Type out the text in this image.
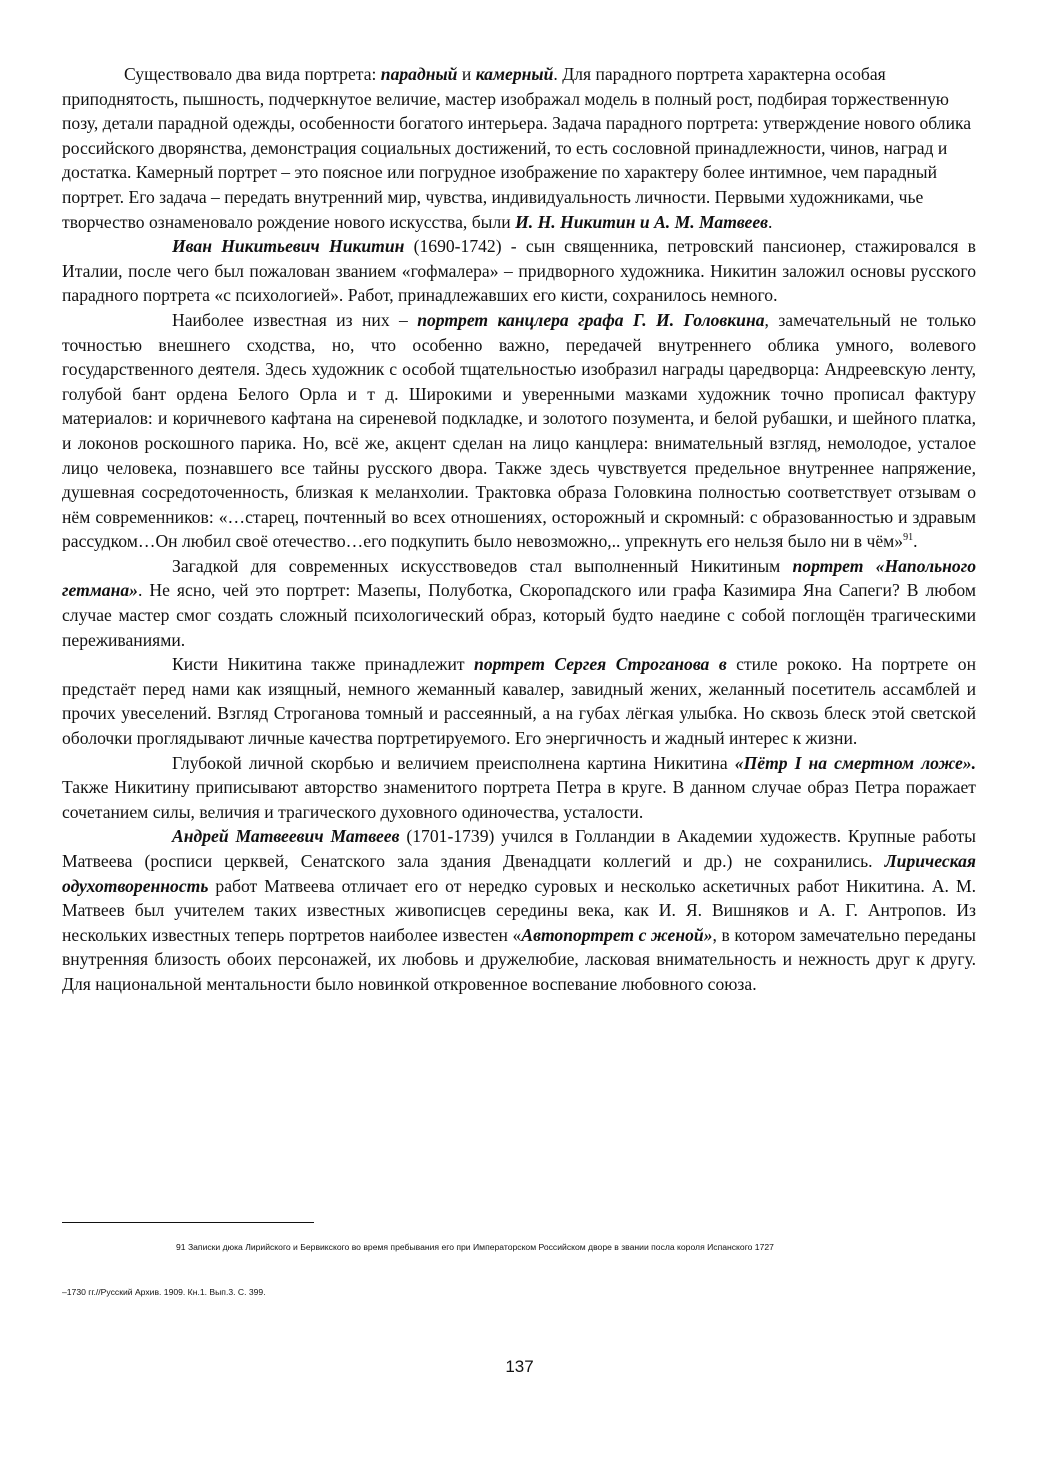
Существовало два вида портрета: парадный и камерный. Для парадного портрета характерна особая приподнятость, пышность, подчеркнутое величие, мастер изображал модель в полный рост, подбирая торжественную позу, детали парадной одежды, особенности богатого интерьера. Задача парадного портрета: утверждение нового облика российского дворянства, демонстрация социальных достижений, то есть сословной принадлежности, чинов, наград и достатка. Камерный портрет – это поясное или погрудное изображение по характеру более интимное, чем парадный портрет. Его задача – передать внутренний мир, чувства, индивидуальность личности. Первыми художниками, чье творчество ознаменовало рождение нового искусства, были И. Н. Никитин и А. М. Матвеев.

Иван Никитьевич Никитин (1690-1742) - сын священника, петровский пансионер, стажировался в Италии, после чего был пожалован званием «гофмалера» – придворного художника. Никитин заложил основы русского парадного портрета «с психологией». Работ, принадлежавших его кисти, сохранилось немного.

Наиболее известная из них – портрет канцлера графа Г. И. Головкина, замечательный не только точностью внешнего сходства, но, что особенно важно, передачей внутреннего облика умного, волевого государственного деятеля. Здесь художник с особой тщательностью изобразил награды царедворца: Андреевскую ленту, голубой бант ордена Белого Орла и т д. Широкими и уверенными мазками художник точно прописал фактуру материалов: и коричневого кафтана на сиреневой подкладке, и золотого позумента, и белой рубашки, и шейного платка, и локонов роскошного парика. Но, всё же, акцент сделан на лицо канцлера: внимательный взгляд, немолодое, усталое лицо человека, познавшего все тайны русского двора. Также здесь чувствуется предельное внутреннее напряжение, душевная сосредоточенность, близкая к меланхолии. Трактовка образа Головкина полностью соответствует отзывам о нём современников: «…старец, почтенный во всех отношениях, осторожный и скромный: с образованностью и здравым рассудком…Он любил своё отечество…его подкупить было невозможно,.. упрекнуть его нельзя было ни в чём»$^{91}$.

Загадкой для современных искусствоведов стал выполненный Никитиным портрет «Напольного гетмана». Не ясно, чей это портрет: Мазепы, Полуботка, Скоропадского или графа Казимира Яна Сапеги? В любом случае мастер смог создать сложный психологический образ, который будто наедине с собой поглощён трагическими переживаниями.

Кисти Никитина также принадлежит портрет Сергея Строганова в стиле рококо. На портрете он предстаёт перед нами как изящный, немного жеманный кавалер, завидный жених, желанный посетитель ассамблей и прочих увеселений. Взгляд Строганова томный и рассеянный, а на губах лёгкая улыбка. Но сквозь блеск этой светской оболочки проглядывают личные качества портретируемого. Его энергичность и жадный интерес к жизни.

Глубокой личной скорбью и величием преисполнена картина Никитина «Пётр I на смертном ложе». Также Никитину приписывают авторство знаменитого портрета Петра в круге. В данном случае образ Петра поражает сочетанием силы, величия и трагического духовного одиночества, усталости.

Андрей Матвеевич Матвеев (1701-1739) учился в Голландии в Академии художеств. Крупные работы Матвеева (росписи церквей, Сенатского зала здания Двенадцати коллегий и др.) не сохранились. Лирическая одухотворенность работ Матвеева отличает его от нередко суровых и несколько аскетичных работ Никитина. А. М. Матвеев был учителем таких известных живописцев середины века, как И. Я. Вишняков и А. Г. Антропов. Из нескольких известных теперь портретов наиболее известен «Автопортрет с женой», в котором замечательно переданы внутренняя близость обоих персонажей, их любовь и дружелюбие, ласковая внимательность и нежность друг к другу. Для национальной ментальности было новинкой откровенное воспевание любовного союза.

91 Записки дюка Лирийского и Бервикского во время пребывания его при Императорском Российском дворе в звании посла короля Испанского 1727
–1730 гг.//Русский Архив. 1909. Кн.1. Вып.3. С. 399.
137
